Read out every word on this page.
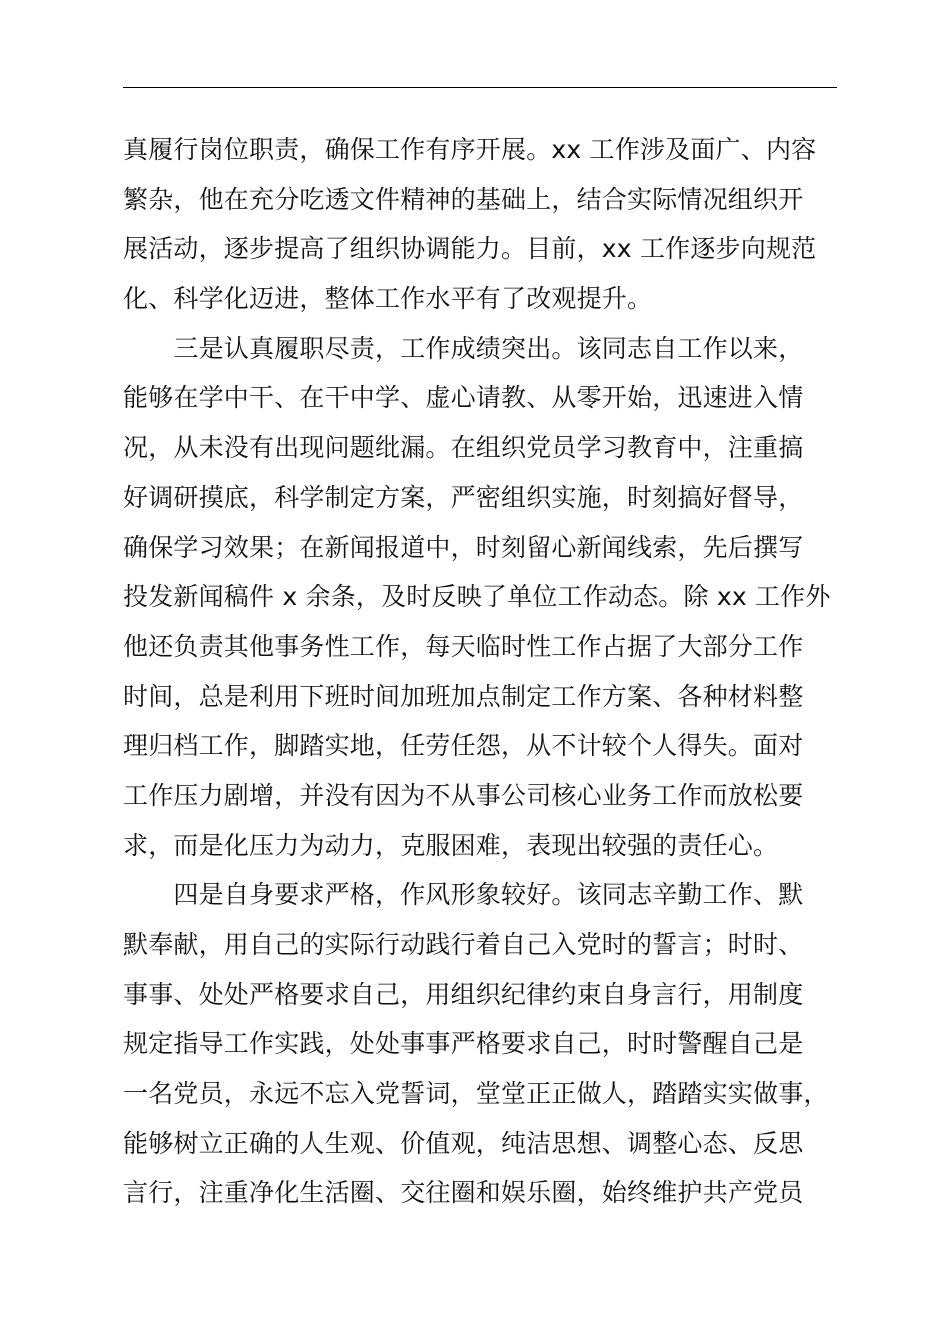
真履行岗位职责，确保工作有序开展。xx 工作涉及面广、内容
繁杂，他在充分吃透文件精神的基础上，结合实际情况组织开
展活动，逐步提高了组织协调能力。目前，xx 工作逐步向规范
化、科学化迈进，整体工作水平有了改观提升。
　　三是认真履职尽责，工作成绩突出。该同志自工作以来，
能够在学中干、在干中学、虚心请教、从零开始，迅速进入情
况，从未没有出现问题纰漏。在组织党员学习教育中，注重搞
好调研摸底，科学制定方案，严密组织实施，时刻搞好督导，
确保学习效果；在新闻报道中，时刻留心新闻线索，先后撰写
投发新闻稿件 x 余条，及时反映了单位工作动态。除 xx 工作外
他还负责其他事务性工作，每天临时性工作占据了大部分工作
时间，总是利用下班时间加班加点制定工作方案、各种材料整
理归档工作，脚踏实地，任劳任怨，从不计较个人得失。面对
工作压力剧增，并没有因为不从事公司核心业务工作而放松要
求，而是化压力为动力，克服困难，表现出较强的责任心。
　　四是自身要求严格，作风形象较好。该同志辛勤工作、默
默奉献，用自己的实际行动践行着自己入党时的誓言；时时、
事事、处处严格要求自己，用组织纪律约束自身言行，用制度
规定指导工作实践，处处事事严格要求自己，时时警醒自己是
一名党员，永远不忘入党誓词，堂堂正正做人，踏踏实实做事，
能够树立正确的人生观、价值观，纯洁思想、调整心态、反思
言行，注重净化生活圈、交往圈和娱乐圈，始终维护共产党员
